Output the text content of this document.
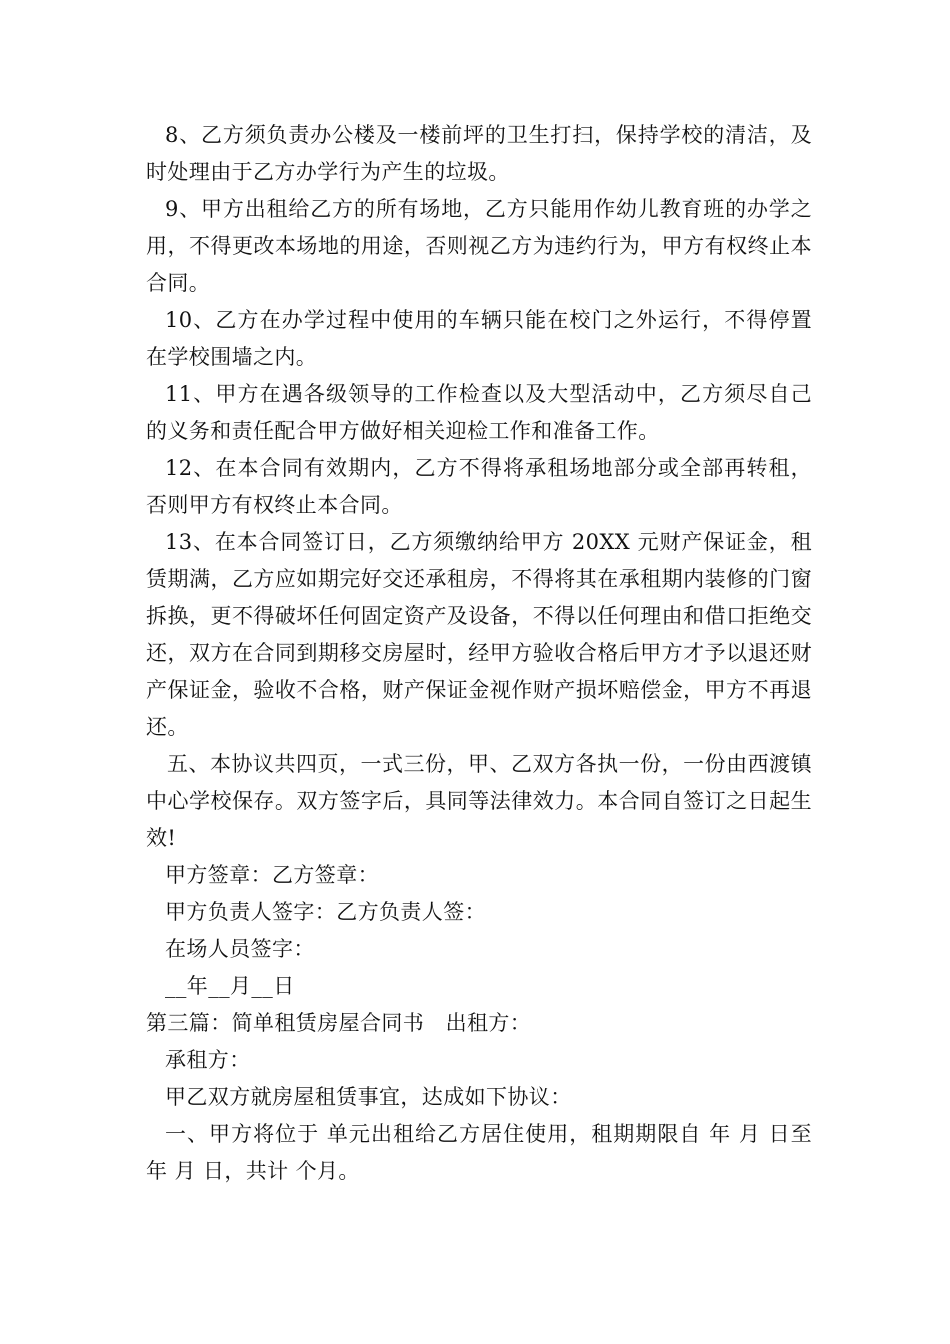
8、乙方须负责办公楼及一楼前坪的卫生打扫，保持学校的清洁，及时处理由于乙方办学行为产生的垃圾。

9、甲方出租给乙方的所有场地，乙方只能用作幼儿教育班的办学之用，不得更改本场地的用途，否则视乙方为违约行为，甲方有权终止本合同。

10、乙方在办学过程中使用的车辆只能在校门之外运行，不得停置在学校围墙之内。

11、甲方在遇各级领导的工作检查以及大型活动中，乙方须尽自己的义务和责任配合甲方做好相关迎检工作和准备工作。

12、在本合同有效期内，乙方不得将承租场地部分或全部再转租，否则甲方有权终止本合同。

13、在本合同签订日，乙方须缴纳给甲方 20XX 元财产保证金，租赁期满，乙方应如期完好交还承租房，不得将其在承租期内装修的门窗拆换，更不得破坏任何固定资产及设备，不得以任何理由和借口拒绝交还，双方在合同到期移交房屋时，经甲方验收合格后甲方才予以退还财产保证金，验收不合格，财产保证金视作财产损坏赔偿金，甲方不再退还。

五、本协议共四页，一式三份，甲、乙双方各执一份，一份由西渡镇中心学校保存。双方签字后，具同等法律效力。本合同自签订之日起生效!

甲方签章：乙方签章：

甲方负责人签字：乙方负责人签：

在场人员签字：

__年__月__日

第三篇：简单租赁房屋合同书　出租方：

承租方：

甲乙双方就房屋租赁事宜，达成如下协议：

一、甲方将位于 单元出租给乙方居住使用，租期期限自 年 月 日至 年 月 日，共计 个月。
